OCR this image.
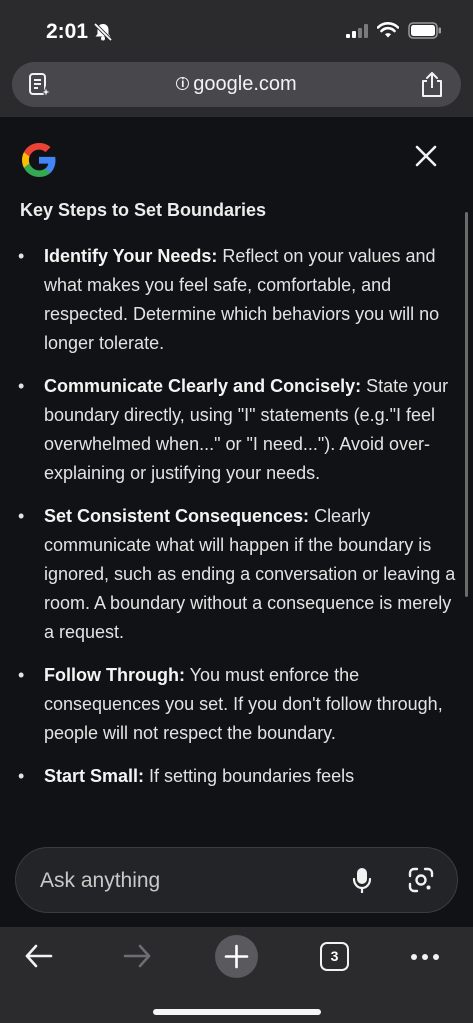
2:01
i google.com
Key Steps to Set Boundaries
• Identify Your Needs: Reflect on your values and what makes you feel safe, comfortable, and respected. Determine which behaviors you will no longer tolerate.
• Communicate Clearly and Concisely: State your boundary directly, using "I" statements (e.g."I feel overwhelmed when..." or "I need..."). Avoid over-explaining or justifying your needs.
• Set Consistent Consequences: Clearly communicate what will happen if the boundary is ignored, such as ending a conversation or leaving a room. A boundary without a consequence is merely a request.
• Follow Through: You must enforce the consequences you set. If you don't follow through, people will not respect the boundary.
• Start Small: If setting boundaries feels
Ask anything
3
